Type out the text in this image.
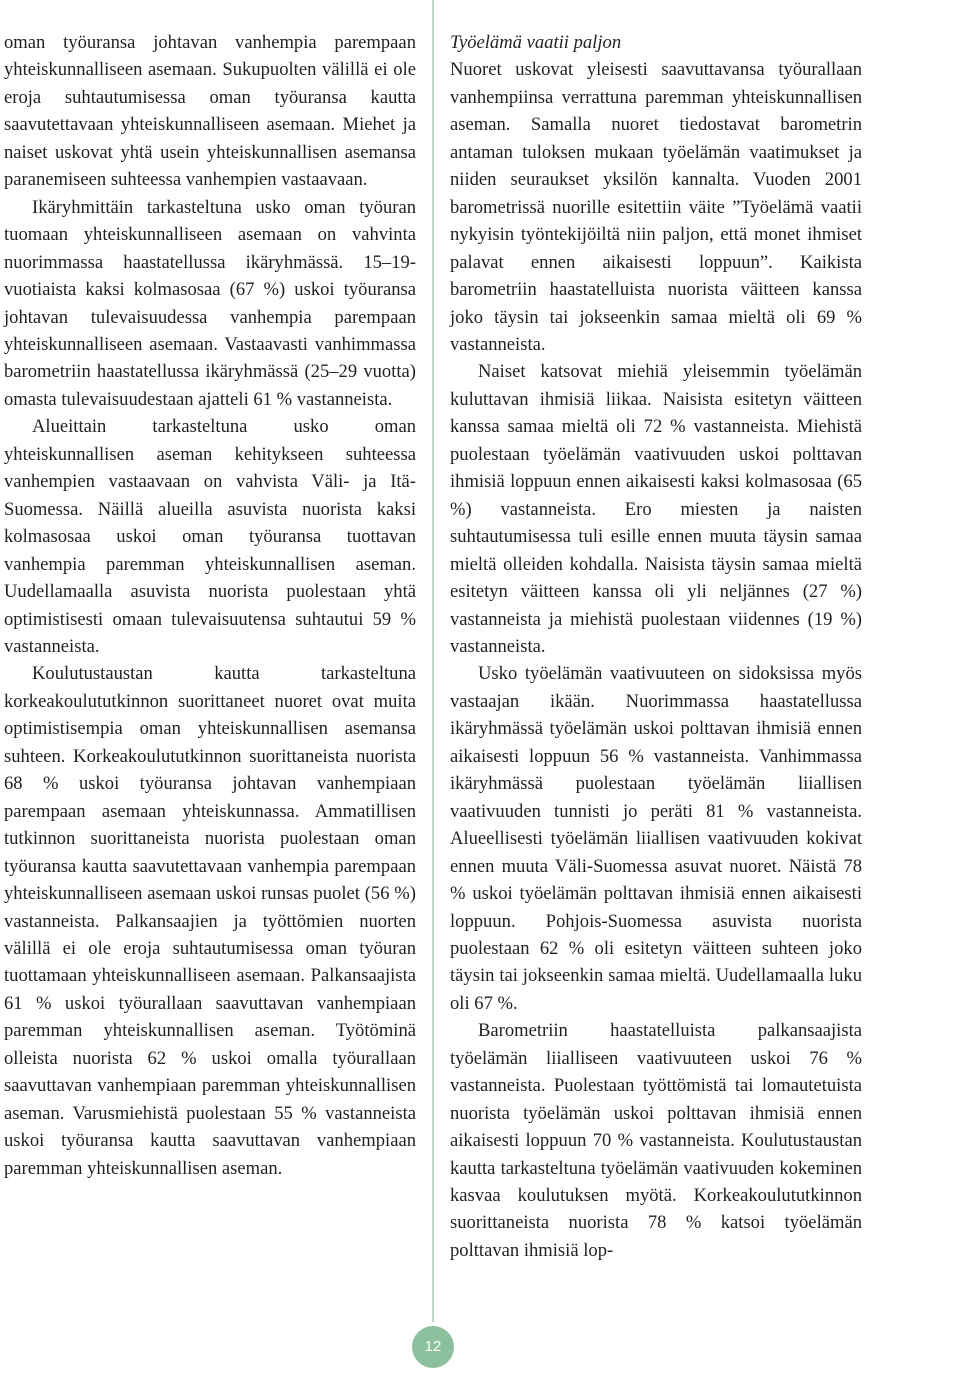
oman työuransa johtavan vanhempia parempaan yhteiskunnalliseen asemaan. Sukupuolten välillä ei ole eroja suhtautumisessa oman työuransa kautta saavutettavaan yhteiskunnalliseen asemaan. Miehet ja naiset uskovat yhtä usein yhteiskunnallisen asemansa paranemiseen suhteessa vanhempien vastaavaan.

Ikäryhmittäin tarkasteltuna usko oman työuran tuomaan yhteiskunnalliseen asemaan on vahvinta nuorimmassa haastatellussa ikäryhmässä. 15–19-vuotiaista kaksi kolmasosaa (67 %) uskoi työuransa johtavan tulevaisuudessa vanhempia parempaan yhteiskunnalliseen asemaan. Vastaavasti vanhimmassa barometriin haastatellussa ikäryhmässä (25–29 vuotta) omasta tulevaisuudestaan ajatteli 61 % vastanneista.

Alueittain tarkasteltuna usko oman yhteiskunnallisen aseman kehitykseen suhteessa vanhempien vastaavaan on vahvista Väli- ja Itä-Suomessa. Näillä alueilla asuvista nuorista kaksi kolmasosaa uskoi oman työuransa tuottavan vanhempia paremman yhteiskunnallisen aseman. Uudellamaalla asuvista nuorista puolestaan yhtä optimistisesti omaan tulevaisuutensa suhtautui 59 % vastanneista.

Koulutustaustan kautta tarkasteltuna korkeakoulututkinnon suorittaneet nuoret ovat muita optimistisempia oman yhteiskunnallisen asemansa suhteen. Korkeakoulututkinnon suorittaneista nuorista 68 % uskoi työuransa johtavan vanhempiaan parempaan asemaan yhteiskunnassa. Ammatillisen tutkinnon suorittaneista nuorista puolestaan oman työuransa kautta saavutettavaan vanhempia parempaan yhteiskunnalliseen asemaan uskoi runsas puolet (56 %) vastanneista. Palkansaajien ja työttömien nuorten välillä ei ole eroja suhtautumisessa oman työuran tuottamaan yhteiskunnalliseen asemaan. Palkansaajista 61 % uskoi työurallaan saavuttavan vanhempiaan paremman yhteiskunnallisen aseman. Työtöminä olleista nuorista 62 % uskoi omalla työurallaan saavuttavan vanhempiaan paremman yhteiskunnallisen aseman. Varusmiehistä puolestaan 55 % vastanneista uskoi työuransa kautta saavuttavan vanhempiaan paremman yhteiskunnallisen aseman.

Työelämä vaatii paljon

Nuoret uskovat yleisesti saavuttavansa työurallaan vanhempiinsa verrattuna paremman yhteiskunnallisen aseman. Samalla nuoret tiedostavat barometrin antaman tuloksen mukaan työelämän vaatimukset ja niiden seuraukset yksilön kannalta. Vuoden 2001 barometrissä nuorille esitettiin väite ”Työelämä vaatii nykyisin työntekijöiltä niin paljon, että monet ihmiset palavat ennen aikaisesti loppuun”. Kaikista barometriin haastatelluista nuorista väitteen kanssa joko täysin tai jokseenkin samaa mieltä oli 69 % vastanneista.

Naiset katsovat miehiä yleisemmin työelämän kuluttavan ihmisiä liikaa. Naisista esitetyn väitteen kanssa samaa mieltä oli 72 % vastanneista. Miehistä puolestaan työelämän vaativuuden uskoi polttavan ihmisiä loppuun ennen aikaisesti kaksi kolmasosaa (65 %) vastanneista. Ero miesten ja naisten suhtautumisessa tuli esille ennen muuta täysin samaa mieltä olleiden kohdalla. Naisista täysin samaa mieltä esitetyn väitteen kanssa oli yli neljännes (27 %) vastanneista ja miehistä puolestaan viidennes (19 %) vastanneista.

Usko työelämän vaativuuteen on sidoksissa myös vastaajan ikään. Nuorimmassa haastatellussa ikäryhmässä työelämän uskoi polttavan ihmisiä ennen aikaisesti loppuun 56 % vastanneista. Vanhimmassa ikäryhmässä puolestaan työelämän liiallisen vaativuuden tunnisti jo peräti 81 % vastanneista. Alueellisesti työelämän liiallisen vaativuuden kokivat ennen muuta Väli-Suomessa asuvat nuoret. Näistä 78 % uskoi työelämän polttavan ihmisiä ennen aikaisesti loppuun. Pohjois-Suomessa asuvista nuorista puolestaan 62 % oli esitetyn väitteen suhteen joko täysin tai jokseenkin samaa mieltä. Uudellamaalla luku oli 67 %.

Barometriin haastatelluista palkansaajista työelämän liialliseen vaativuuteen uskoi 76 % vastanneista. Puolestaan työttömistä tai lomautetuista nuorista työelämän uskoi polttavan ihmisiä ennen aikaisesti loppuun 70 % vastanneista. Koulutustaustan kautta tarkasteltuna työelämän vaativuuden kokeminen kasvaa koulutuksen myötä. Korkeakoulututkinnon suorittaneista nuorista 78 % katsoi työelämän polttavan ihmisiä lop-

12
